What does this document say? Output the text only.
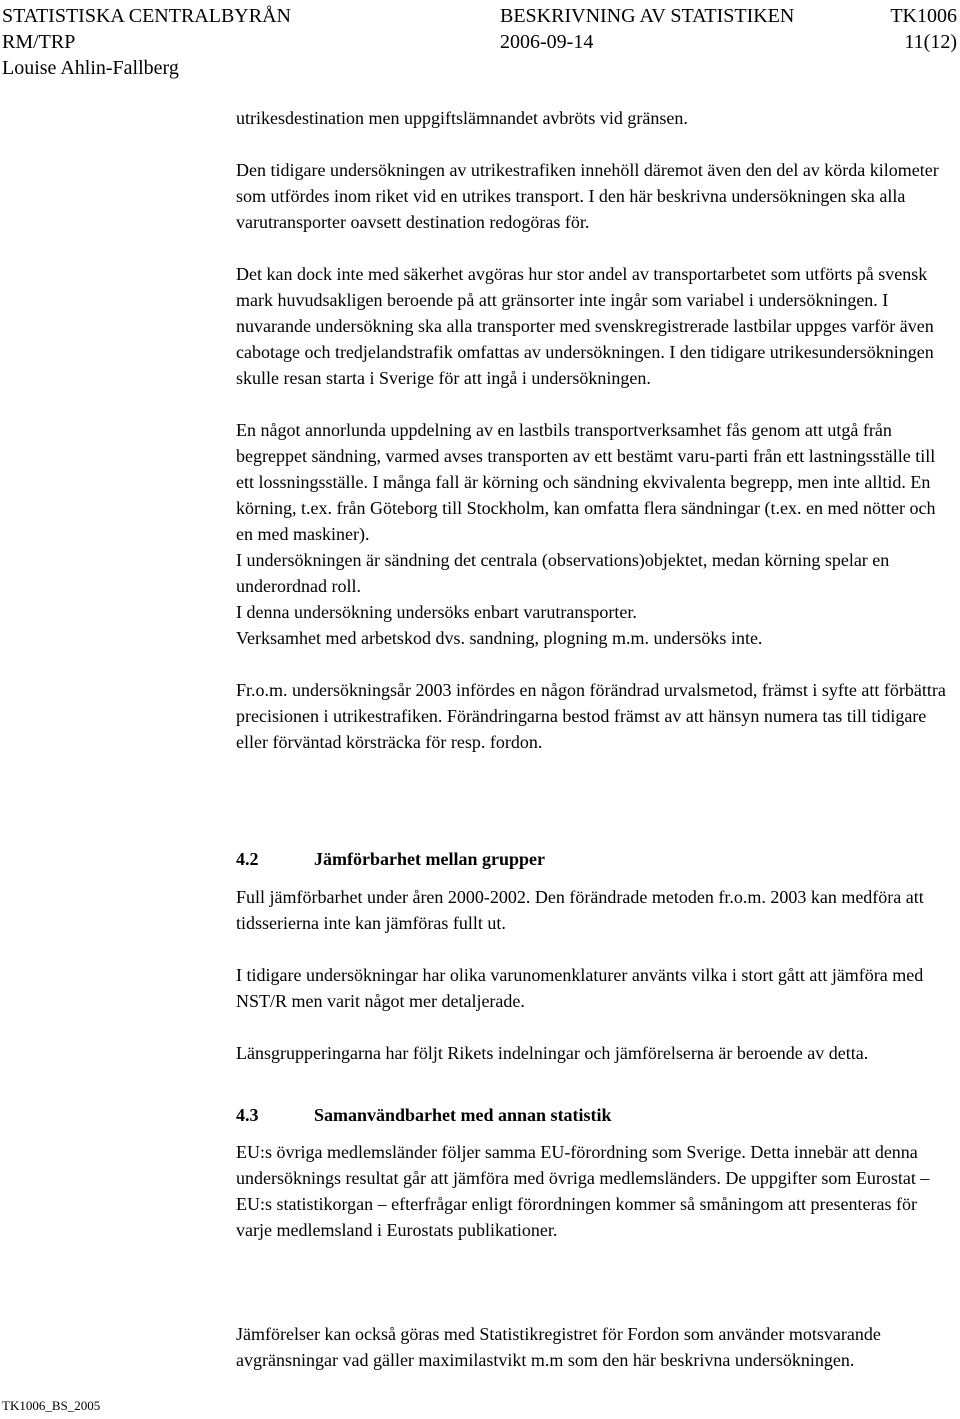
STATISTISKA CENTRALBYRÅN	BESKRIVNING AV STATISTIKEN	TK1006
RM/TRP	2006-09-14	11(12)
Louise Ahlin-Fallberg

utrikesdestination men uppgiftslämnandet avbröts vid gränsen.

Den tidigare undersökningen av utrikestrafiken innehöll däremot även den del av körda kilometer som utfördes inom riket vid en utrikes transport. I den här beskrivna undersökningen ska alla varutransporter oavsett destination redogöras för.

Det kan dock inte med säkerhet avgöras hur stor andel av transportarbetet som utförts på svensk mark huvudsakligen beroende på att gränsorter inte ingår som variabel i undersökningen. I nuvarande undersökning ska alla transporter med svenskregistrerade lastbilar uppges varför även cabotage och tredjelandstrafik omfattas av undersökningen. I den tidigare utrikesundersökningen skulle resan starta i Sverige för att ingå i undersökningen.

En något annorlunda uppdelning av en lastbils transportverksamhet fås genom att utgå från begreppet sändning, varmed avses transporten av ett bestämt varu-parti från ett lastningsställe till ett lossningsställe. I många fall är körning och sändning ekvivalenta begrepp, men inte alltid. En körning, t.ex. från Göteborg till Stockholm, kan omfatta flera sändningar (t.ex. en med nötter och en med maskiner).

I undersökningen är sändning det centrala (observations)objektet, medan körning spelar en underordnad roll.

I denna undersökning undersöks enbart varutransporter.

Verksamhet med arbetskod dvs. sandning, plogning m.m. undersöks inte.

Fr.o.m. undersökningsår 2003 infördes en någon förändrad urvalsmetod, främst i syfte att förbättra precisionen i utrikestrafiken. Förändringarna bestod främst av att hänsyn numera tas till tidigare eller förväntad körsträcka för resp. fordon.

4.2	Jämförbarhet mellan grupper

Full jämförbarhet under åren 2000-2002. Den förändrade metoden fr.o.m. 2003 kan medföra att tidsserierna inte kan jämföras fullt ut.

I tidigare undersökningar har olika varunomenklaturer använts vilka i stort gått att jämföra med NST/R men varit något mer detaljerade.

Länsgrupperingarna har följt Rikets indelningar och jämförelserna är beroende av detta.

4.3	Samanvändbarhet med annan statistik

EU:s övriga medlemsländer följer samma EU-förordning som Sverige. Detta innebär att denna undersöknings resultat går att jämföra med övriga medlemsländers. De uppgifter som Eurostat – EU:s statistikorgan – efterfrågar enligt förordningen kommer så småningom att presenteras för varje medlemsland i Eurostats publikationer.

Jämförelser kan också göras med Statistikregistret för Fordon som använder motsvarande avgränsningar vad gäller maximilastvikt m.m som den här beskrivna undersökningen.

TK1006_BS_2005
